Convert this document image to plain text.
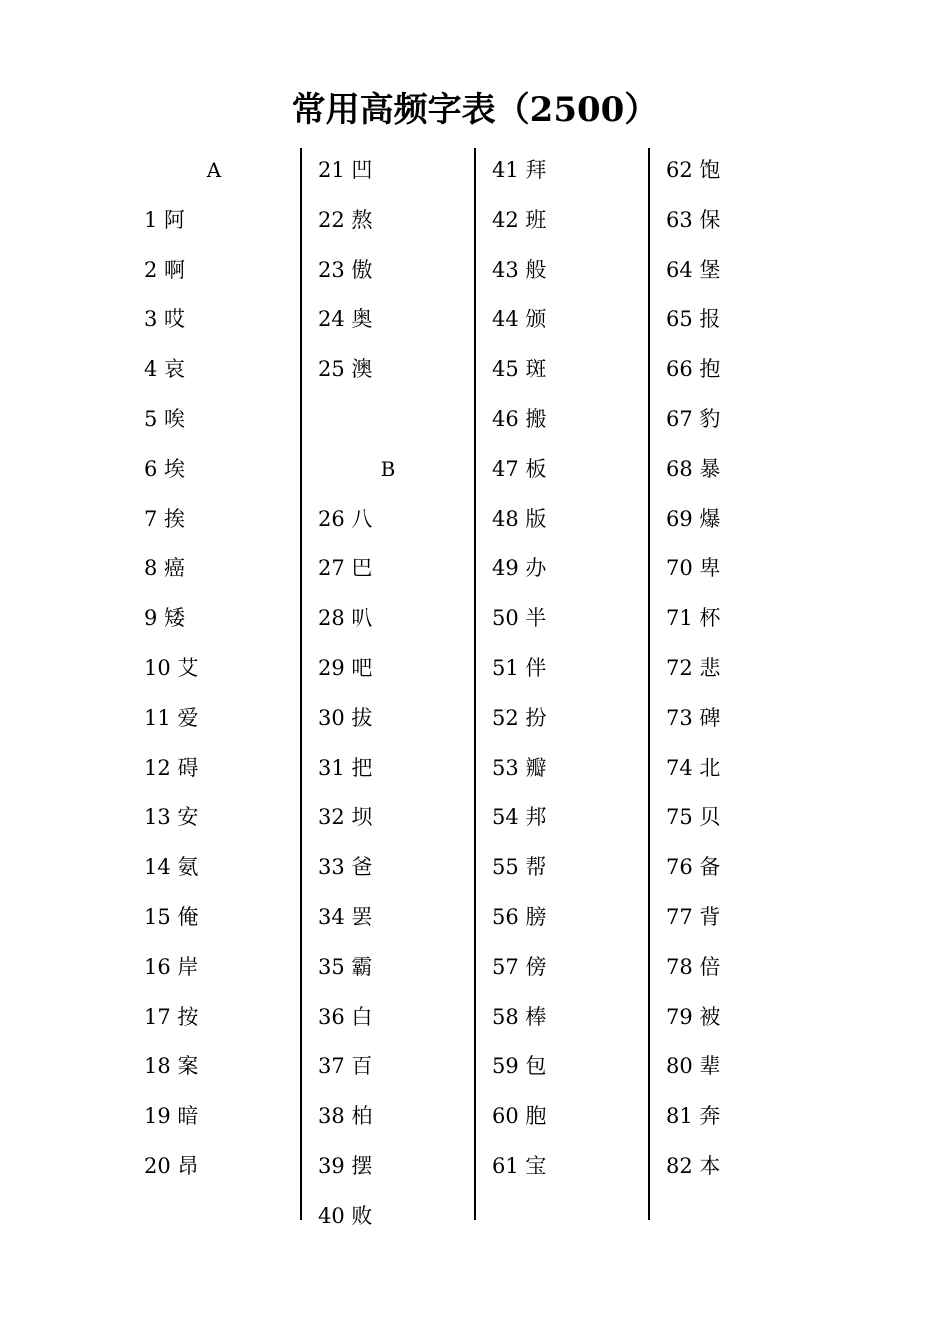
常用高频字表（2500）
A
1 阿
2 啊
3 哎
4 哀
5 唉
6 埃
7 挨
8 癌
9 矮
10 艾
11 爱
12 碍
13 安
14 氨
15 俺
16 岸
17 按
18 案
19 暗
20 昂
21 凹
22 熬
23 傲
24 奥
25 澳
B
26 八
27 巴
28 叭
29 吧
30 拔
31 把
32 坝
33 爸
34 罢
35 霸
36 白
37 百
38 柏
39 摆
40 败
41 拜
42 班
43 般
44 颁
45 斑
46 搬
47 板
48 版
49 办
50 半
51 伴
52 扮
53 瓣
54 邦
55 帮
56 膀
57 傍
58 棒
59 包
60 胞
61 宝
62 饱
63 保
64 堡
65 报
66 抱
67 豹
68 暴
69 爆
70 卑
71 杯
72 悲
73 碑
74 北
75 贝
76 备
77 背
78 倍
79 被
80 辈
81 奔
82 本
